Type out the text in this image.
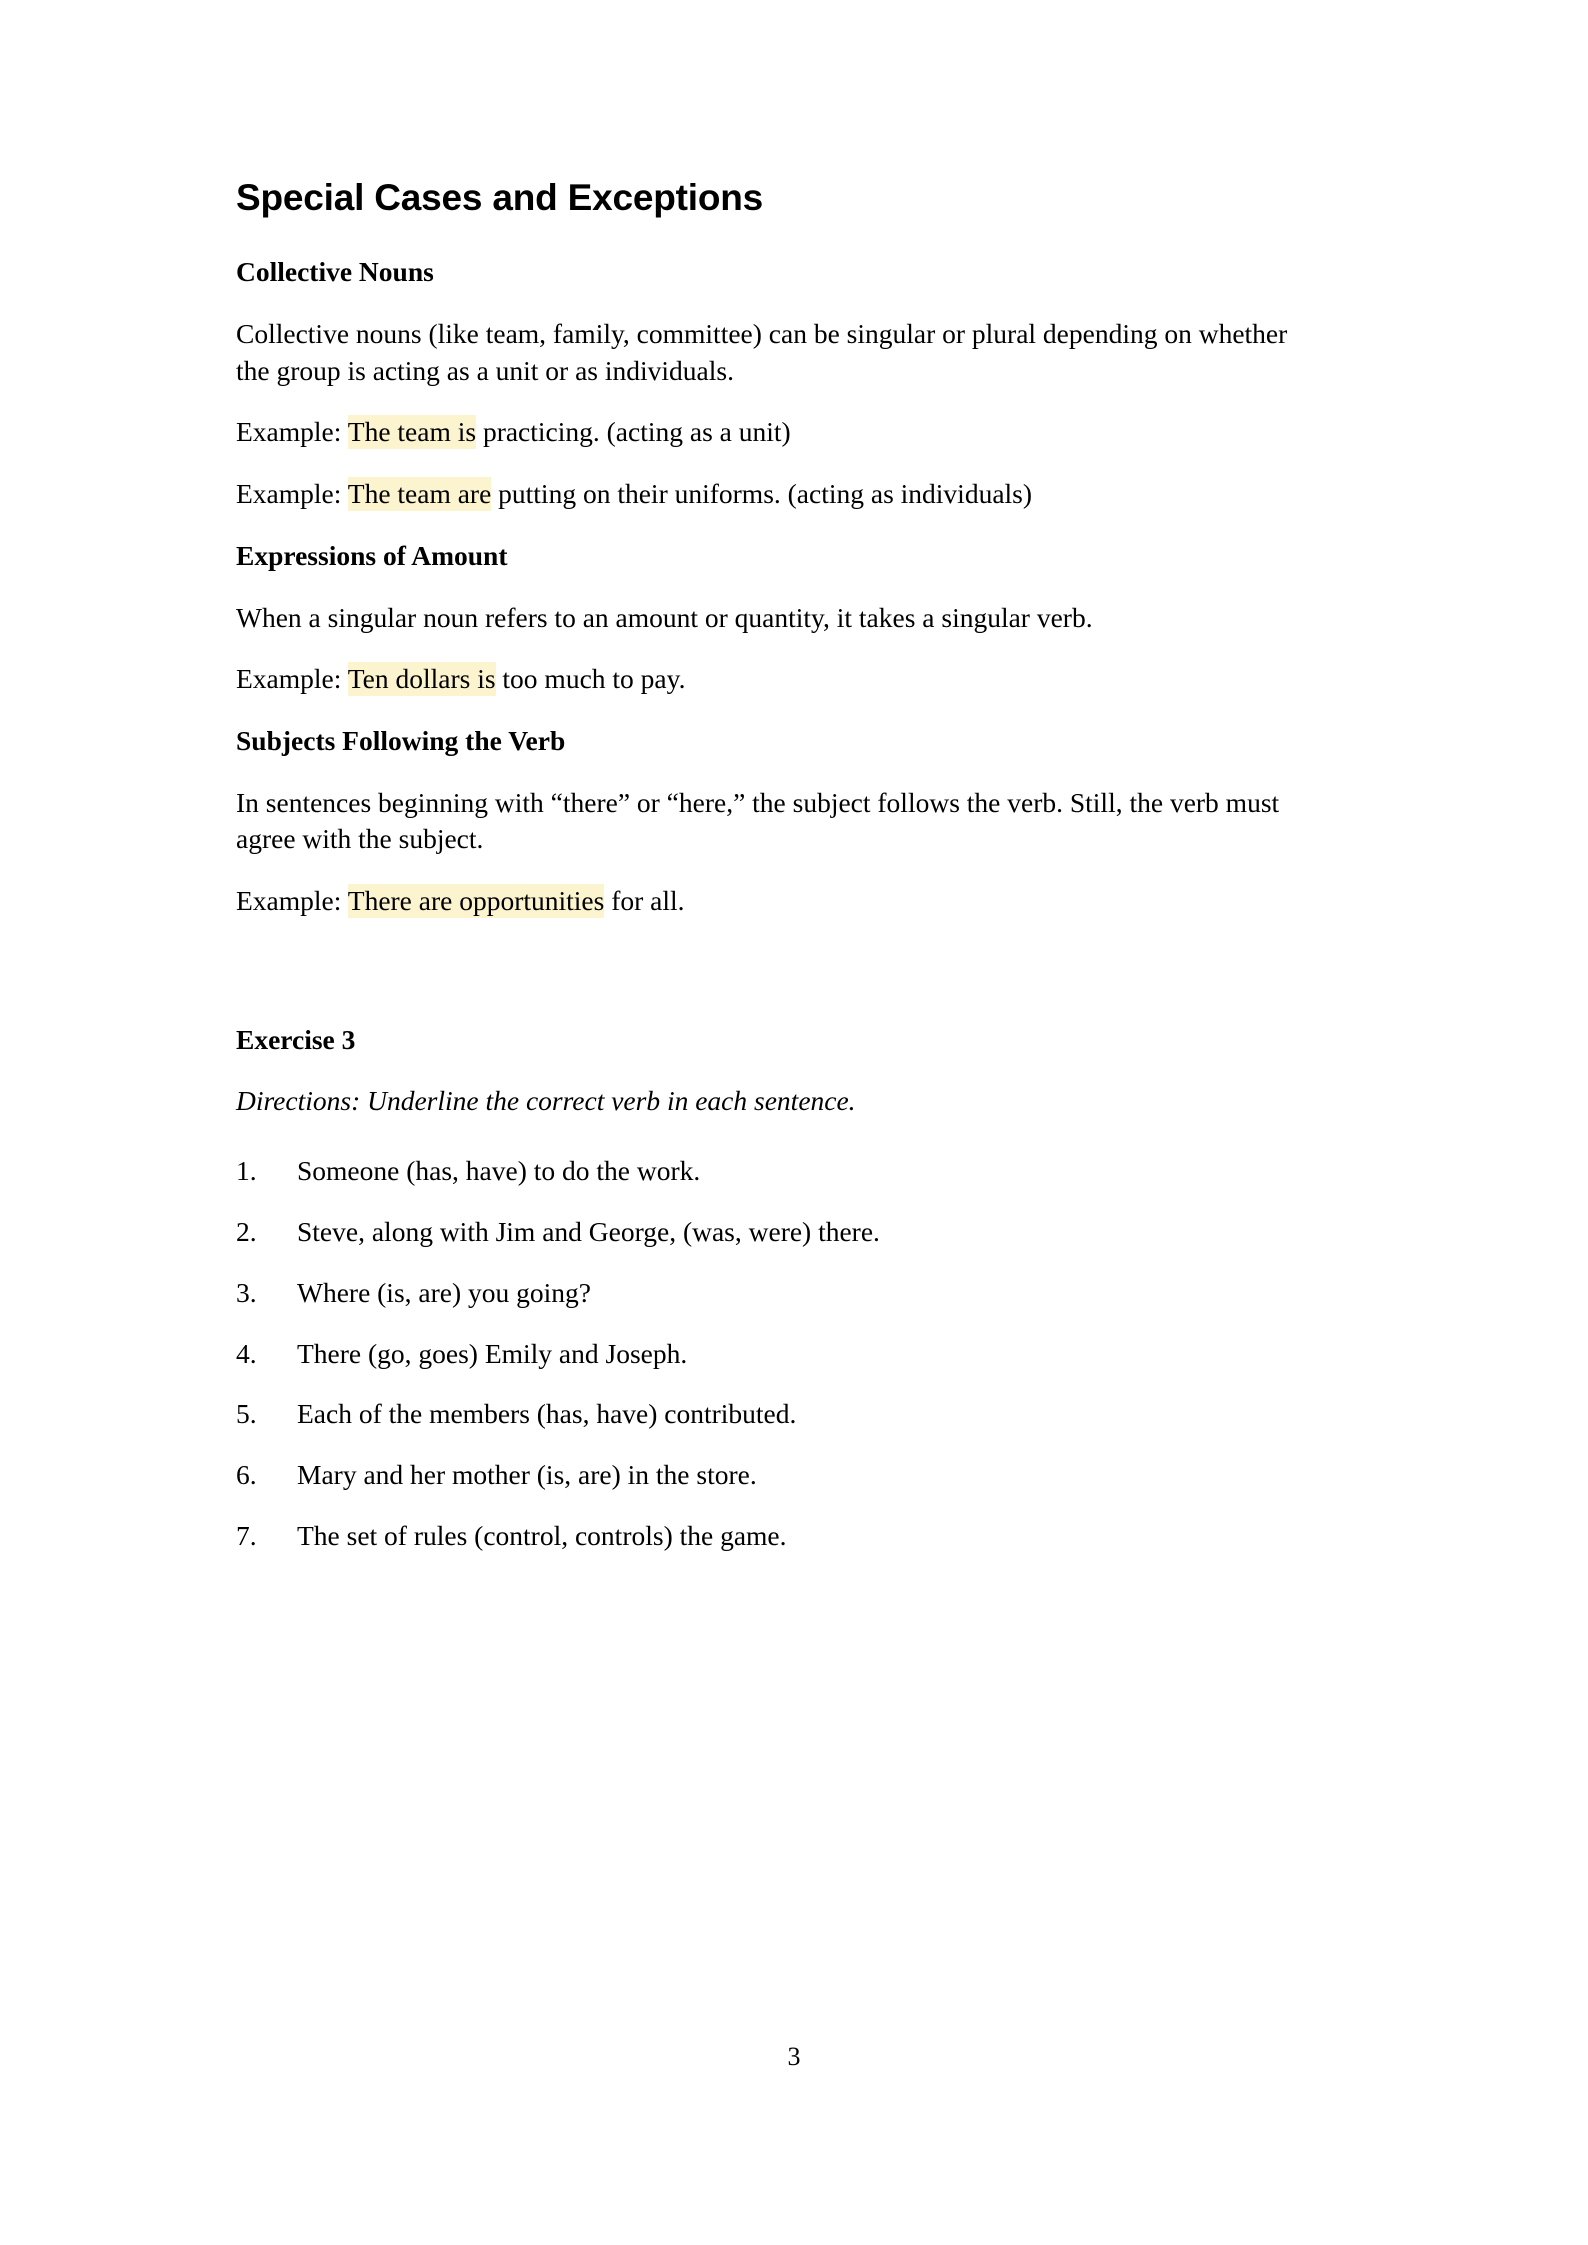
Special Cases and Exceptions
Collective Nouns

Collective nouns (like team, family, committee) can be singular or plural depending on whether the group is acting as a unit or as individuals.

Example: The team is practicing. (acting as a unit)

Example: The team are putting on their uniforms. (acting as individuals)

Expressions of Amount

When a singular noun refers to an amount or quantity, it takes a singular verb.

Example: Ten dollars is too much to pay.

Subjects Following the Verb

In sentences beginning with “there” or “here,” the subject follows the verb. Still, the verb must agree with the subject.

Example: There are opportunities for all.

Exercise 3

Directions: Underline the correct verb in each sentence.

1.	Someone (has, have) to do the work.
2.	Steve, along with Jim and George, (was, were) there.
3.	Where (is, are) you going?
4.	There (go, goes) Emily and Joseph.
5.	Each of the members (has, have) contributed.
6.	Mary and her mother (is, are) in the store.
7.	The set of rules (control, controls) the game.
3
